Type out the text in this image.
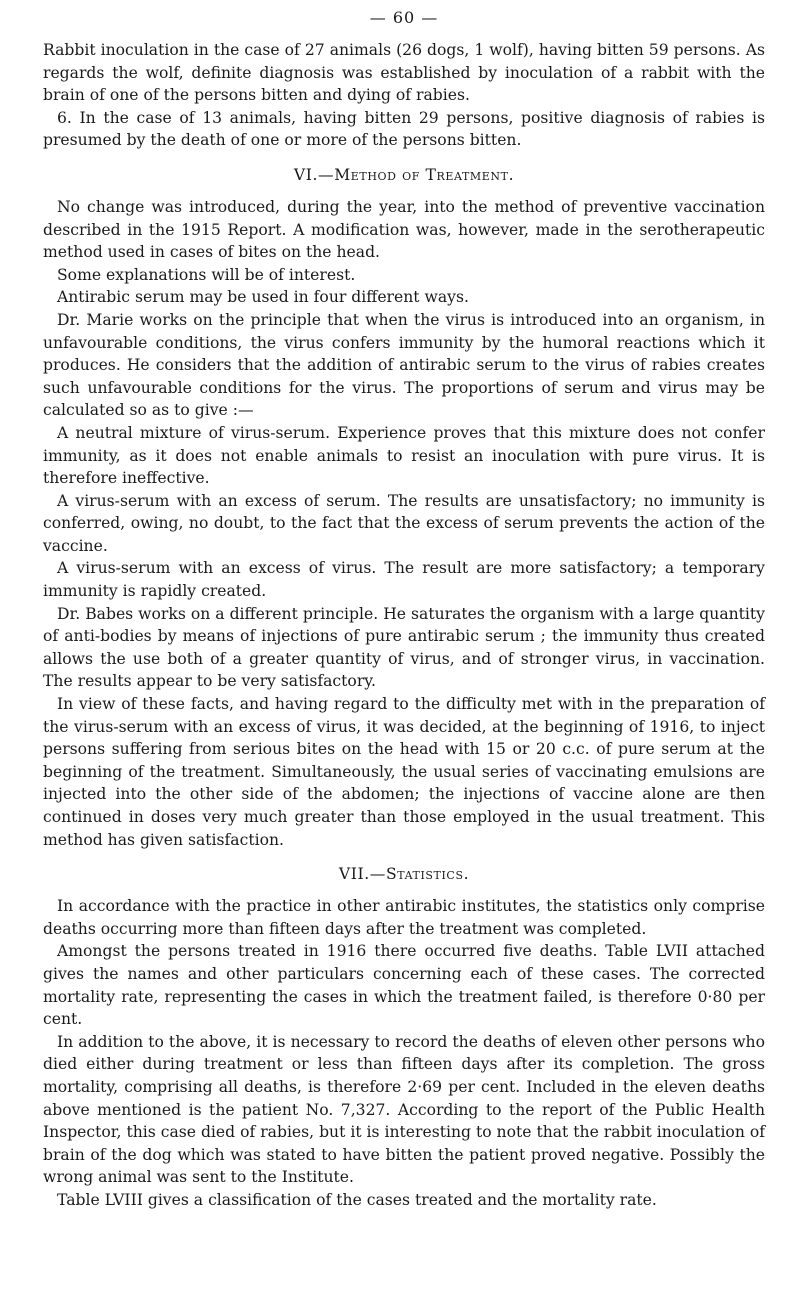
— 60 —

Rabbit inoculation in the case of 27 animals (26 dogs, 1 wolf), having bitten 59 persons. As regards the wolf, definite diagnosis was established by inoculation of a rabbit with the brain of one of the persons bitten and dying of rabies.

6. In the case of 13 animals, having bitten 29 persons, positive diagnosis of rabies is presumed by the death of one or more of the persons bitten.

VI.—Method of Treatment.

No change was introduced, during the year, into the method of preventive vaccination described in the 1915 Report. A modification was, however, made in the serotherapeutic method used in cases of bites on the head.

Some explanations will be of interest.

Antirabic serum may be used in four different ways.

Dr. Marie works on the principle that when the virus is introduced into an organism, in unfavourable conditions, the virus confers immunity by the humoral reactions which it produces. He considers that the addition of antirabic serum to the virus of rabies creates such unfavourable conditions for the virus. The proportions of serum and virus may be calculated so as to give :—

A neutral mixture of virus-serum. Experience proves that this mixture does not confer immunity, as it does not enable animals to resist an inoculation with pure virus. It is therefore ineffective.

A virus-serum with an excess of serum. The results are unsatisfactory; no immunity is conferred, owing, no doubt, to the fact that the excess of serum prevents the action of the vaccine.

A virus-serum with an excess of virus. The result are more satisfactory; a temporary immunity is rapidly created.

Dr. Babes works on a different principle. He saturates the organism with a large quantity of anti-bodies by means of injections of pure antirabic serum ; the immunity thus created allows the use both of a greater quantity of virus, and of stronger virus, in vaccination. The results appear to be very satisfactory.

In view of these facts, and having regard to the difficulty met with in the preparation of the virus-serum with an excess of virus, it was decided, at the beginning of 1916, to inject persons suffering from serious bites on the head with 15 or 20 c.c. of pure serum at the beginning of the treatment. Simultaneously, the usual series of vaccinating emulsions are injected into the other side of the abdomen; the injections of vaccine alone are then continued in doses very much greater than those employed in the usual treatment. This method has given satisfaction.

VII.—Statistics.

In accordance with the practice in other antirabic institutes, the statistics only comprise deaths occurring more than fifteen days after the treatment was completed.

Amongst the persons treated in 1916 there occurred five deaths. Table LVII attached gives the names and other particulars concerning each of these cases. The corrected mortality rate, representing the cases in which the treatment failed, is therefore 0·80 per cent.

In addition to the above, it is necessary to record the deaths of eleven other persons who died either during treatment or less than fifteen days after its completion. The gross mortality, comprising all deaths, is therefore 2·69 per cent. Included in the eleven deaths above mentioned is the patient No. 7,327. According to the report of the Public Health Inspector, this case died of rabies, but it is interesting to note that the rabbit inoculation of brain of the dog which was stated to have bitten the patient proved negative. Possibly the wrong animal was sent to the Institute.

Table LVIII gives a classification of the cases treated and the mortality rate.
